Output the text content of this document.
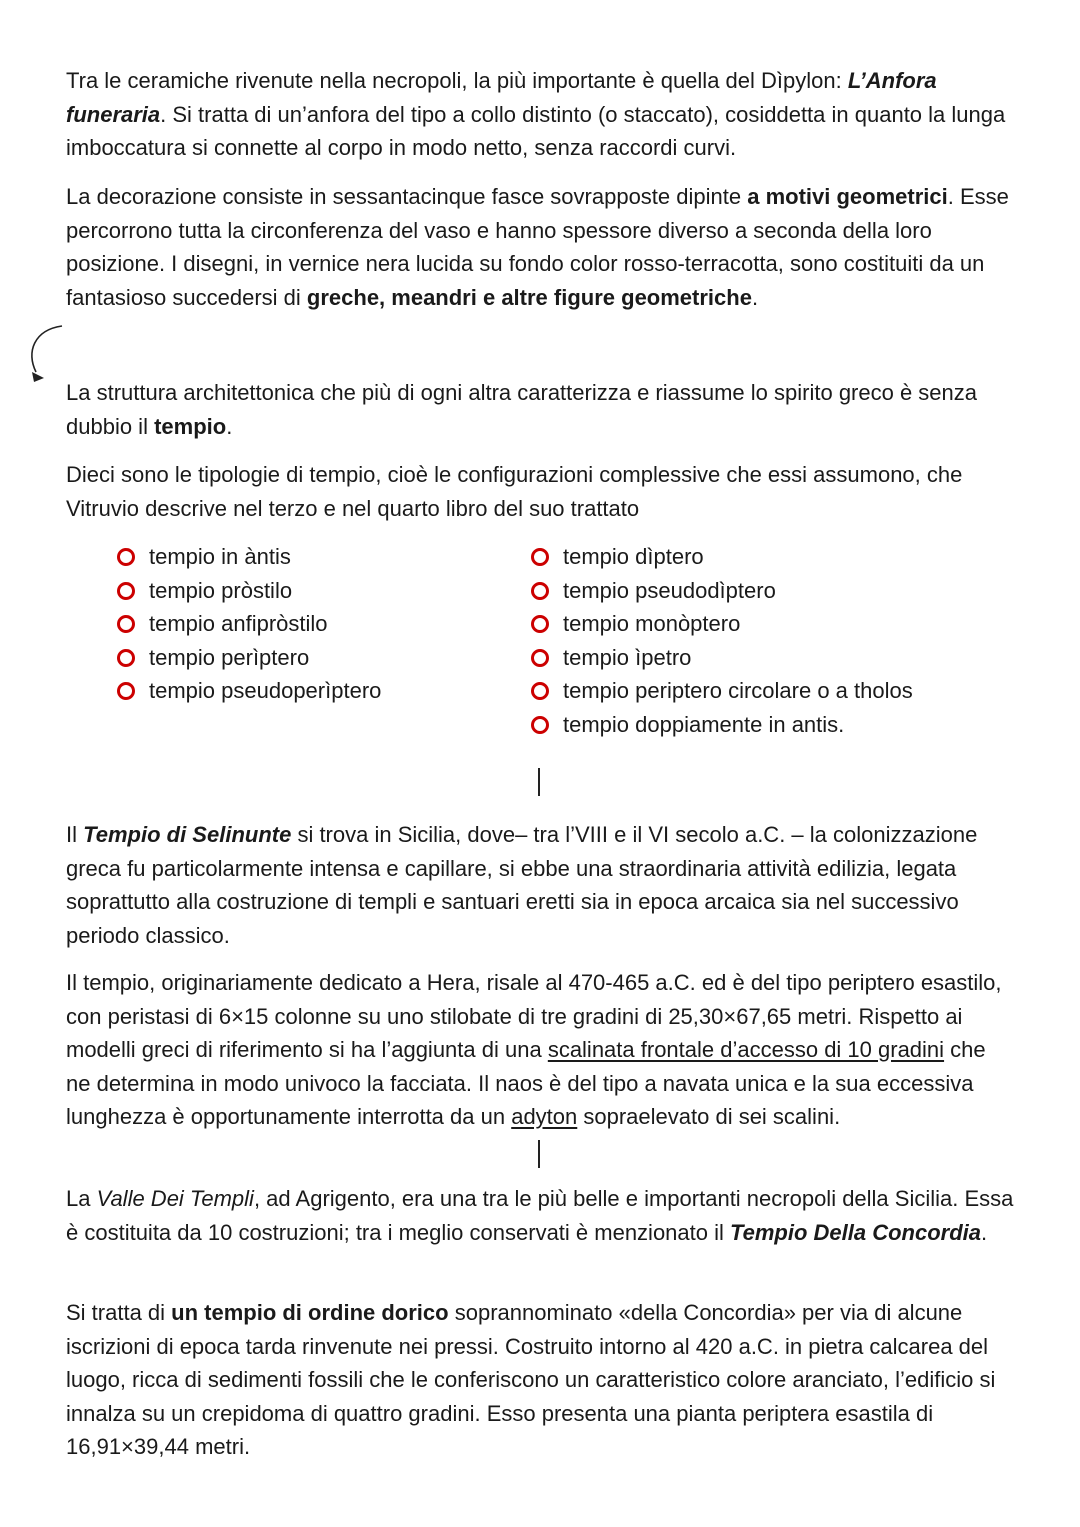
Tra le ceramiche rivenute nella necropoli, la più importante è quella del Dìpylon: L’Anfora funeraria. Si tratta di un’anfora del tipo a collo distinto (o staccato), cosiddetta in quanto la lunga imboccatura si connette al corpo in modo netto, senza raccordi curvi.

La decorazione consiste in sessantacinque fasce sovrapposte dipinte a motivi geometrici. Esse percorrono tutta la circonferenza del vaso e hanno spessore diverso a seconda della loro posizione. I disegni, in vernice nera lucida su fondo color rosso-terracotta, sono costituiti da un fantasioso succedersi di greche, meandri e altre figure geometriche.

La struttura architettonica che più di ogni altra caratterizza e riassume lo spirito greco è senza dubbio il tempio.

Dieci sono le tipologie di tempio, cioè le configurazioni complessive che essi assumono, che Vitruvio descrive nel terzo e nel quarto libro del suo trattato

tempio in àntis
tempio pròstilo
tempio anfipròstilo
tempio perìptero
tempio pseudoperìptero
tempio dìptero
tempio pseudodìptero
tempio monòptero
tempio ìpetro
tempio periptero circolare o a tholos
tempio doppiamente in antis.

Il Tempio di Selinunte si trova in Sicilia, dove– tra l’VIII e il VI secolo a.C. – la colonizzazione greca fu particolarmente intensa e capillare, si ebbe una straordinaria attività edilizia, legata soprattutto alla costruzione di templi e santuari eretti sia in epoca arcaica sia nel successivo periodo classico.

Il tempio, originariamente dedicato a Hera, risale al 470-465 a.C. ed è del tipo periptero esastilo, con peristasi di 6×15 colonne su uno stilobate di tre gradini di 25,30×67,65 metri. Rispetto ai modelli greci di riferimento si ha l’aggiunta di una scalinata frontale d’accesso di 10 gradini che ne determina in modo univoco la facciata. Il naos è del tipo a navata unica e la sua eccessiva lunghezza è opportunamente interrotta da un adyton sopraelevato di sei scalini.

La Valle Dei Templi, ad Agrigento, era una tra le più belle e importanti necropoli della Sicilia. Essa è costituita da 10 costruzioni; tra i meglio conservati è menzionato il Tempio Della Concordia.

Si tratta di un tempio di ordine dorico soprannominato «della Concordia» per via di alcune iscrizioni di epoca tarda rinvenute nei pressi. Costruito intorno al 420 a.C. in pietra calcarea del luogo, ricca di sedimenti fossili che le conferiscono un caratteristico colore aranciato, l’edificio si innalza su un crepidoma di quattro gradini. Esso presenta una pianta periptera esastila di 16,91×39,44 metri.
